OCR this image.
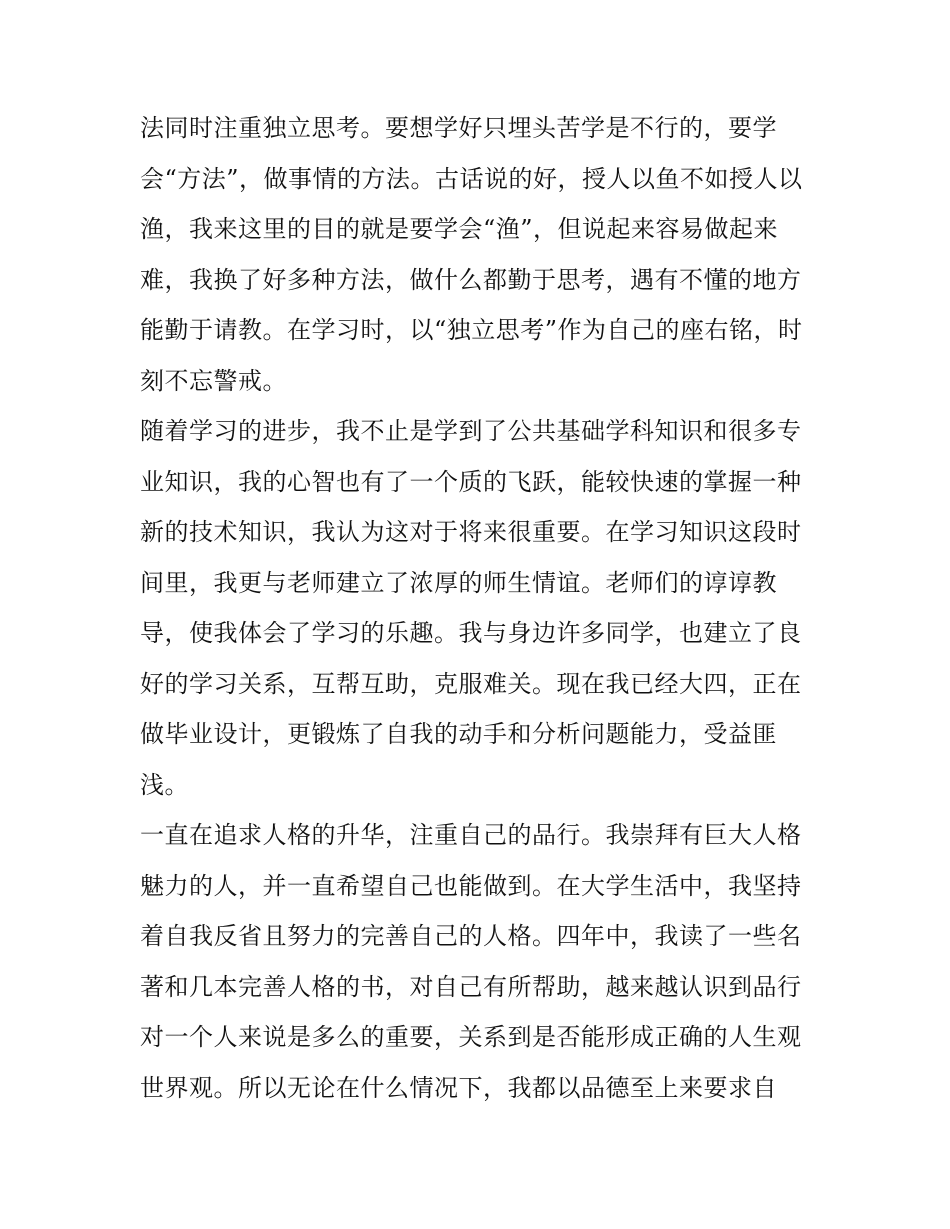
法同时注重独立思考。要想学好只埋头苦学是不行的，要学
会“方法”，做事情的方法。古话说的好，授人以鱼不如授人以
渔，我来这里的目的就是要学会“渔”，但说起来容易做起来
难，我换了好多种方法，做什么都勤于思考，遇有不懂的地方
能勤于请教。在学习时，以“独立思考”作为自己的座右铭，时
刻不忘警戒。
随着学习的进步，我不止是学到了公共基础学科知识和很多专
业知识，我的心智也有了一个质的飞跃，能较快速的掌握一种
新的技术知识，我认为这对于将来很重要。在学习知识这段时
间里，我更与老师建立了浓厚的师生情谊。老师们的谆谆教
导，使我体会了学习的乐趣。我与身边许多同学，也建立了良
好的学习关系，互帮互助，克服难关。现在我已经大四，正在
做毕业设计，更锻炼了自我的动手和分析问题能力，受益匪
浅。
一直在追求人格的升华，注重自己的品行。我崇拜有巨大人格
魅力的人，并一直希望自己也能做到。在大学生活中，我坚持
着自我反省且努力的完善自己的人格。四年中，我读了一些名
著和几本完善人格的书，对自己有所帮助，越来越认识到品行
对一个人来说是多么的重要，关系到是否能形成正确的人生观
世界观。所以无论在什么情况下，我都以品德至上来要求自
